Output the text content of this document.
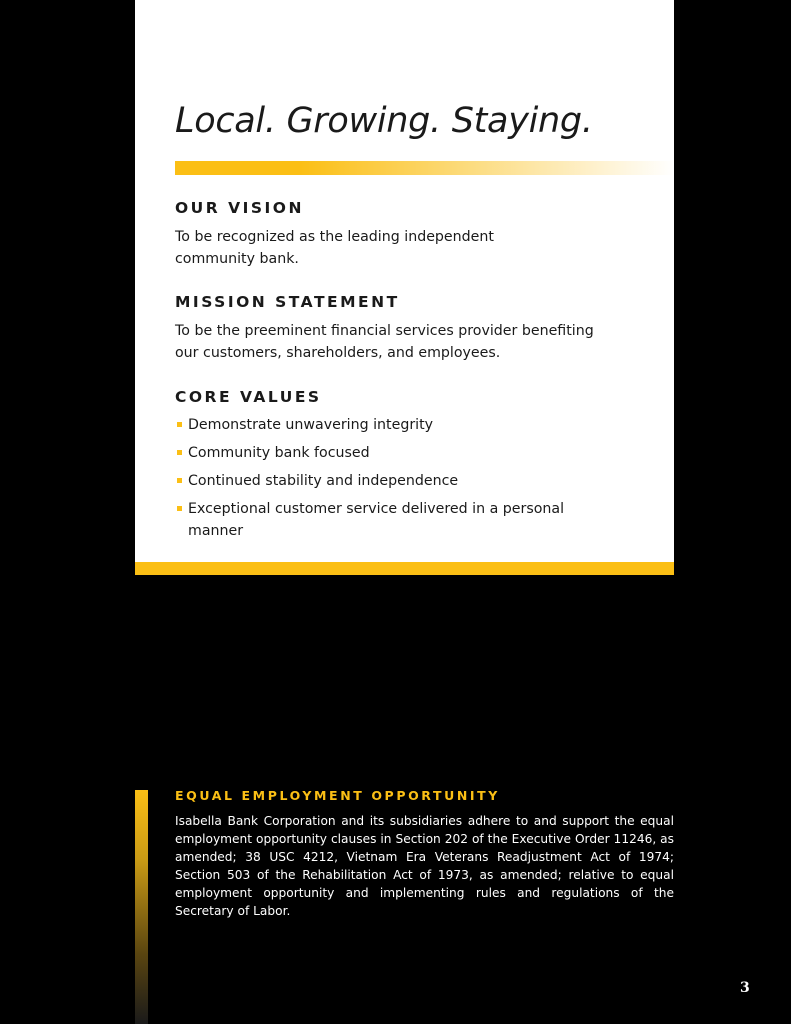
Local. Growing. Staying.
OUR VISION

To be recognized as the leading independent
community bank.

MISSION STATEMENT

To be the preeminent financial services provider benefiting
our customers, shareholders, and employees.

CORE VALUES
Demonstrate unwavering integrity
Community bank focused
Continued stability and independence
Exceptional customer service delivered in a personal manner
EQUAL EMPLOYMENT OPPORTUNITY

Isabella Bank Corporation and its subsidiaries adhere to and support the equal employment opportunity clauses in Section 202 of the Executive Order 11246, as amended; 38 USC 4212, Vietnam Era Veterans Readjustment Act of 1974; Section 503 of the Rehabilitation Act of 1973, as amended; relative to equal employment opportunity and implementing rules and regulations of the Secretary of Labor.

3
